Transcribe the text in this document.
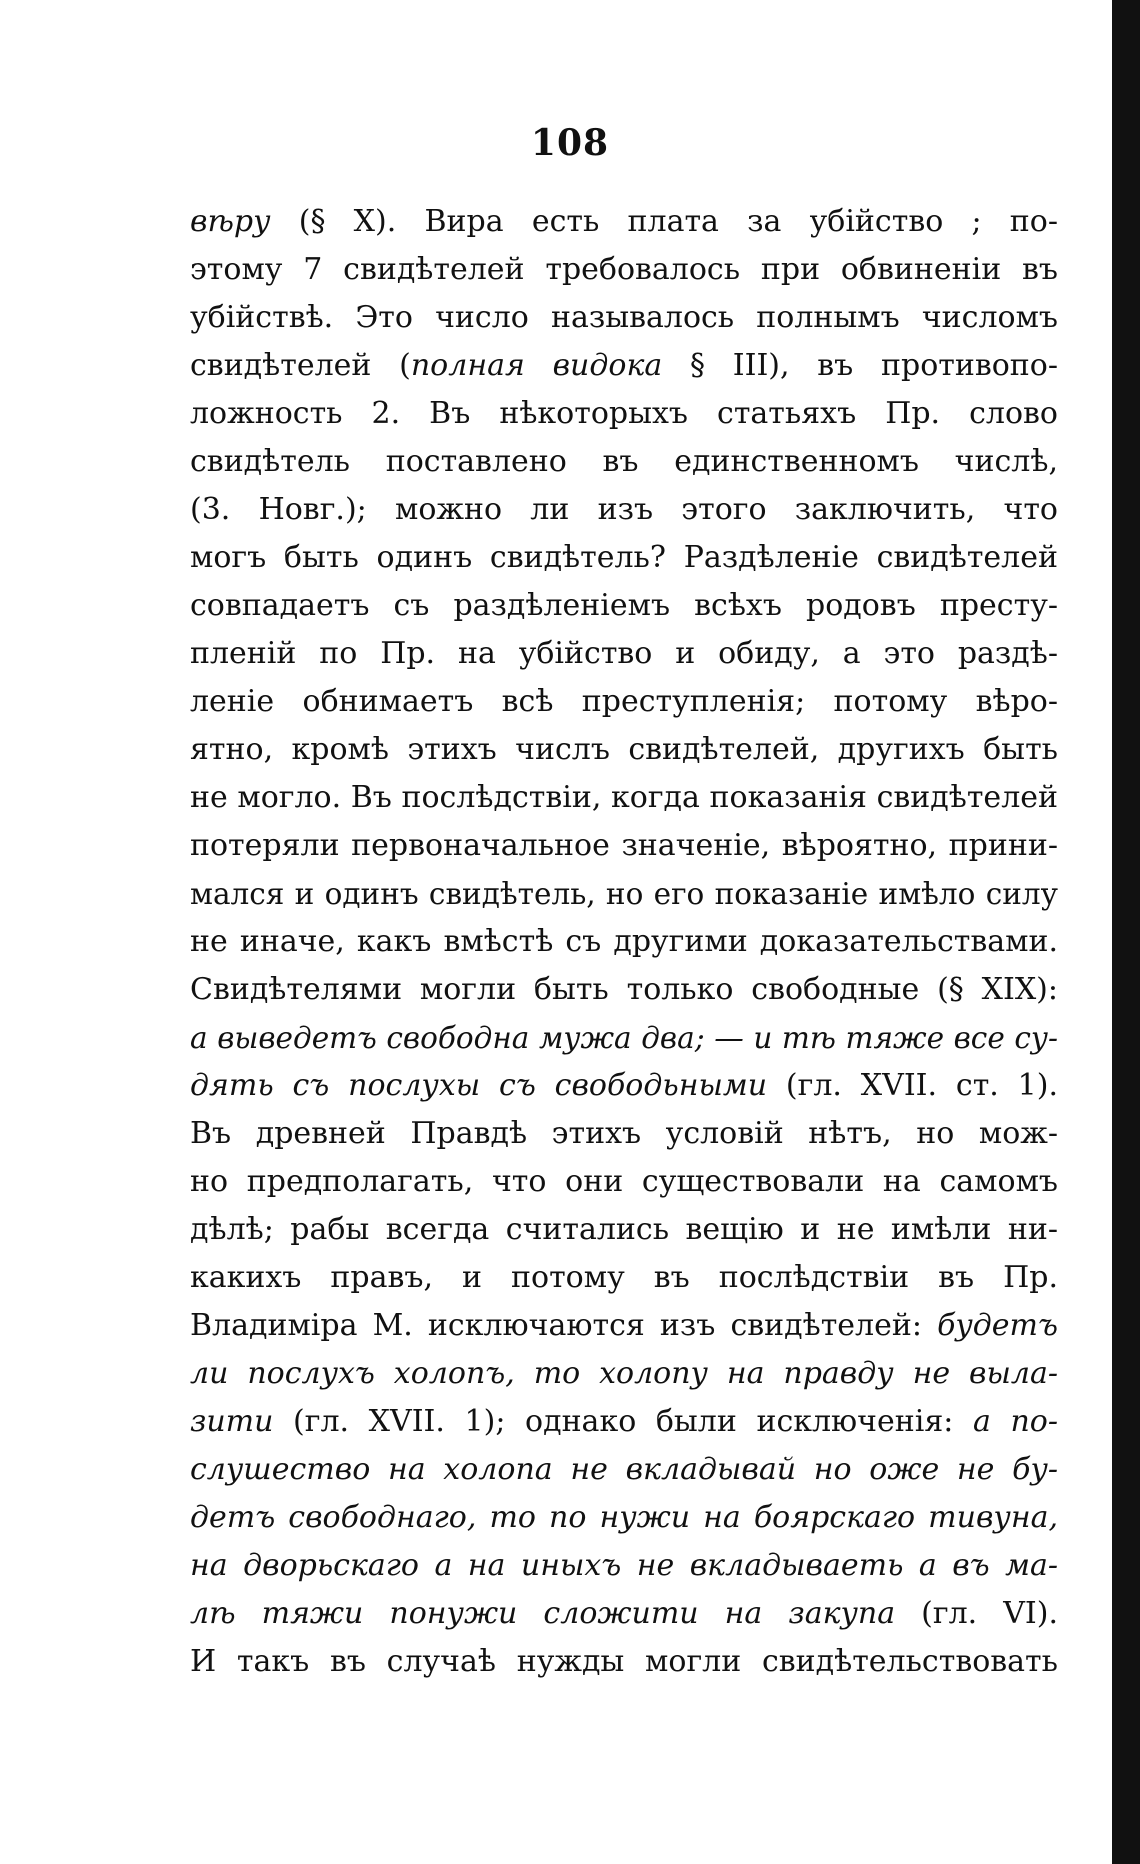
108
вѣру (§ X). Вира есть плата за убійство ; по-
этому 7 свидѣтелей требовалось при обвиненіи въ
убійствѣ. Это число называлось полнымъ числомъ
свидѣтелей (полная видока § III), въ противопо-
ложность 2. Въ нѣкоторыхъ статьяхъ Пр. слово
свидѣтель поставлено въ единственномъ числѣ,
(3. Новг.); можно ли изъ этого заключить, что
могъ быть одинъ свидѣтель? Раздѣленіе свидѣтелей
совпадаетъ съ раздѣленіемъ всѣхъ родовъ престу-
пленій по Пр. на убійство и обиду, а это раздѣ-
леніе обнимаетъ всѣ преступленія; потому вѣро-
ятно, кромѣ этихъ числъ свидѣтелей, другихъ быть
не могло. Въ послѣдствіи, когда показанія свидѣтелей
потеряли первоначальное значеніе, вѣроятно, прини-
мался и одинъ свидѣтель, но его показаніе имѣло силу
не иначе, какъ вмѣстѣ съ другими доказательствами.
Свидѣтелями могли быть только свободные (§ XIX):
а выведетъ свободна мужа два; — и тѣ тяже все су-
дять съ послухы съ свободьными (гл. XVII. ст. 1).
Въ древней Правдѣ этихъ условій нѣтъ, но мож-
но предполагать, что они существовали на самомъ
дѣлѣ; рабы всегда считались вещію и не имѣли ни-
какихъ правъ, и потому въ послѣдствіи въ Пр.
Владиміра М. исключаются изъ свидѣтелей: будетъ
ли послухъ холопъ, то холопу на правду не выла-
зити (гл. XVII. 1); однако были исключенія: а по-
слушество на холопа не вкладывай но оже не бу-
детъ свободнаго, то по нужи на боярскаго тивуна,
на дворьскаго а на иныхъ не вкладываеть а въ ма-
лѣ тяжи понужи сложити на закупа (гл. VI).
И такъ въ случаѣ нужды могли свидѣтельствовать
